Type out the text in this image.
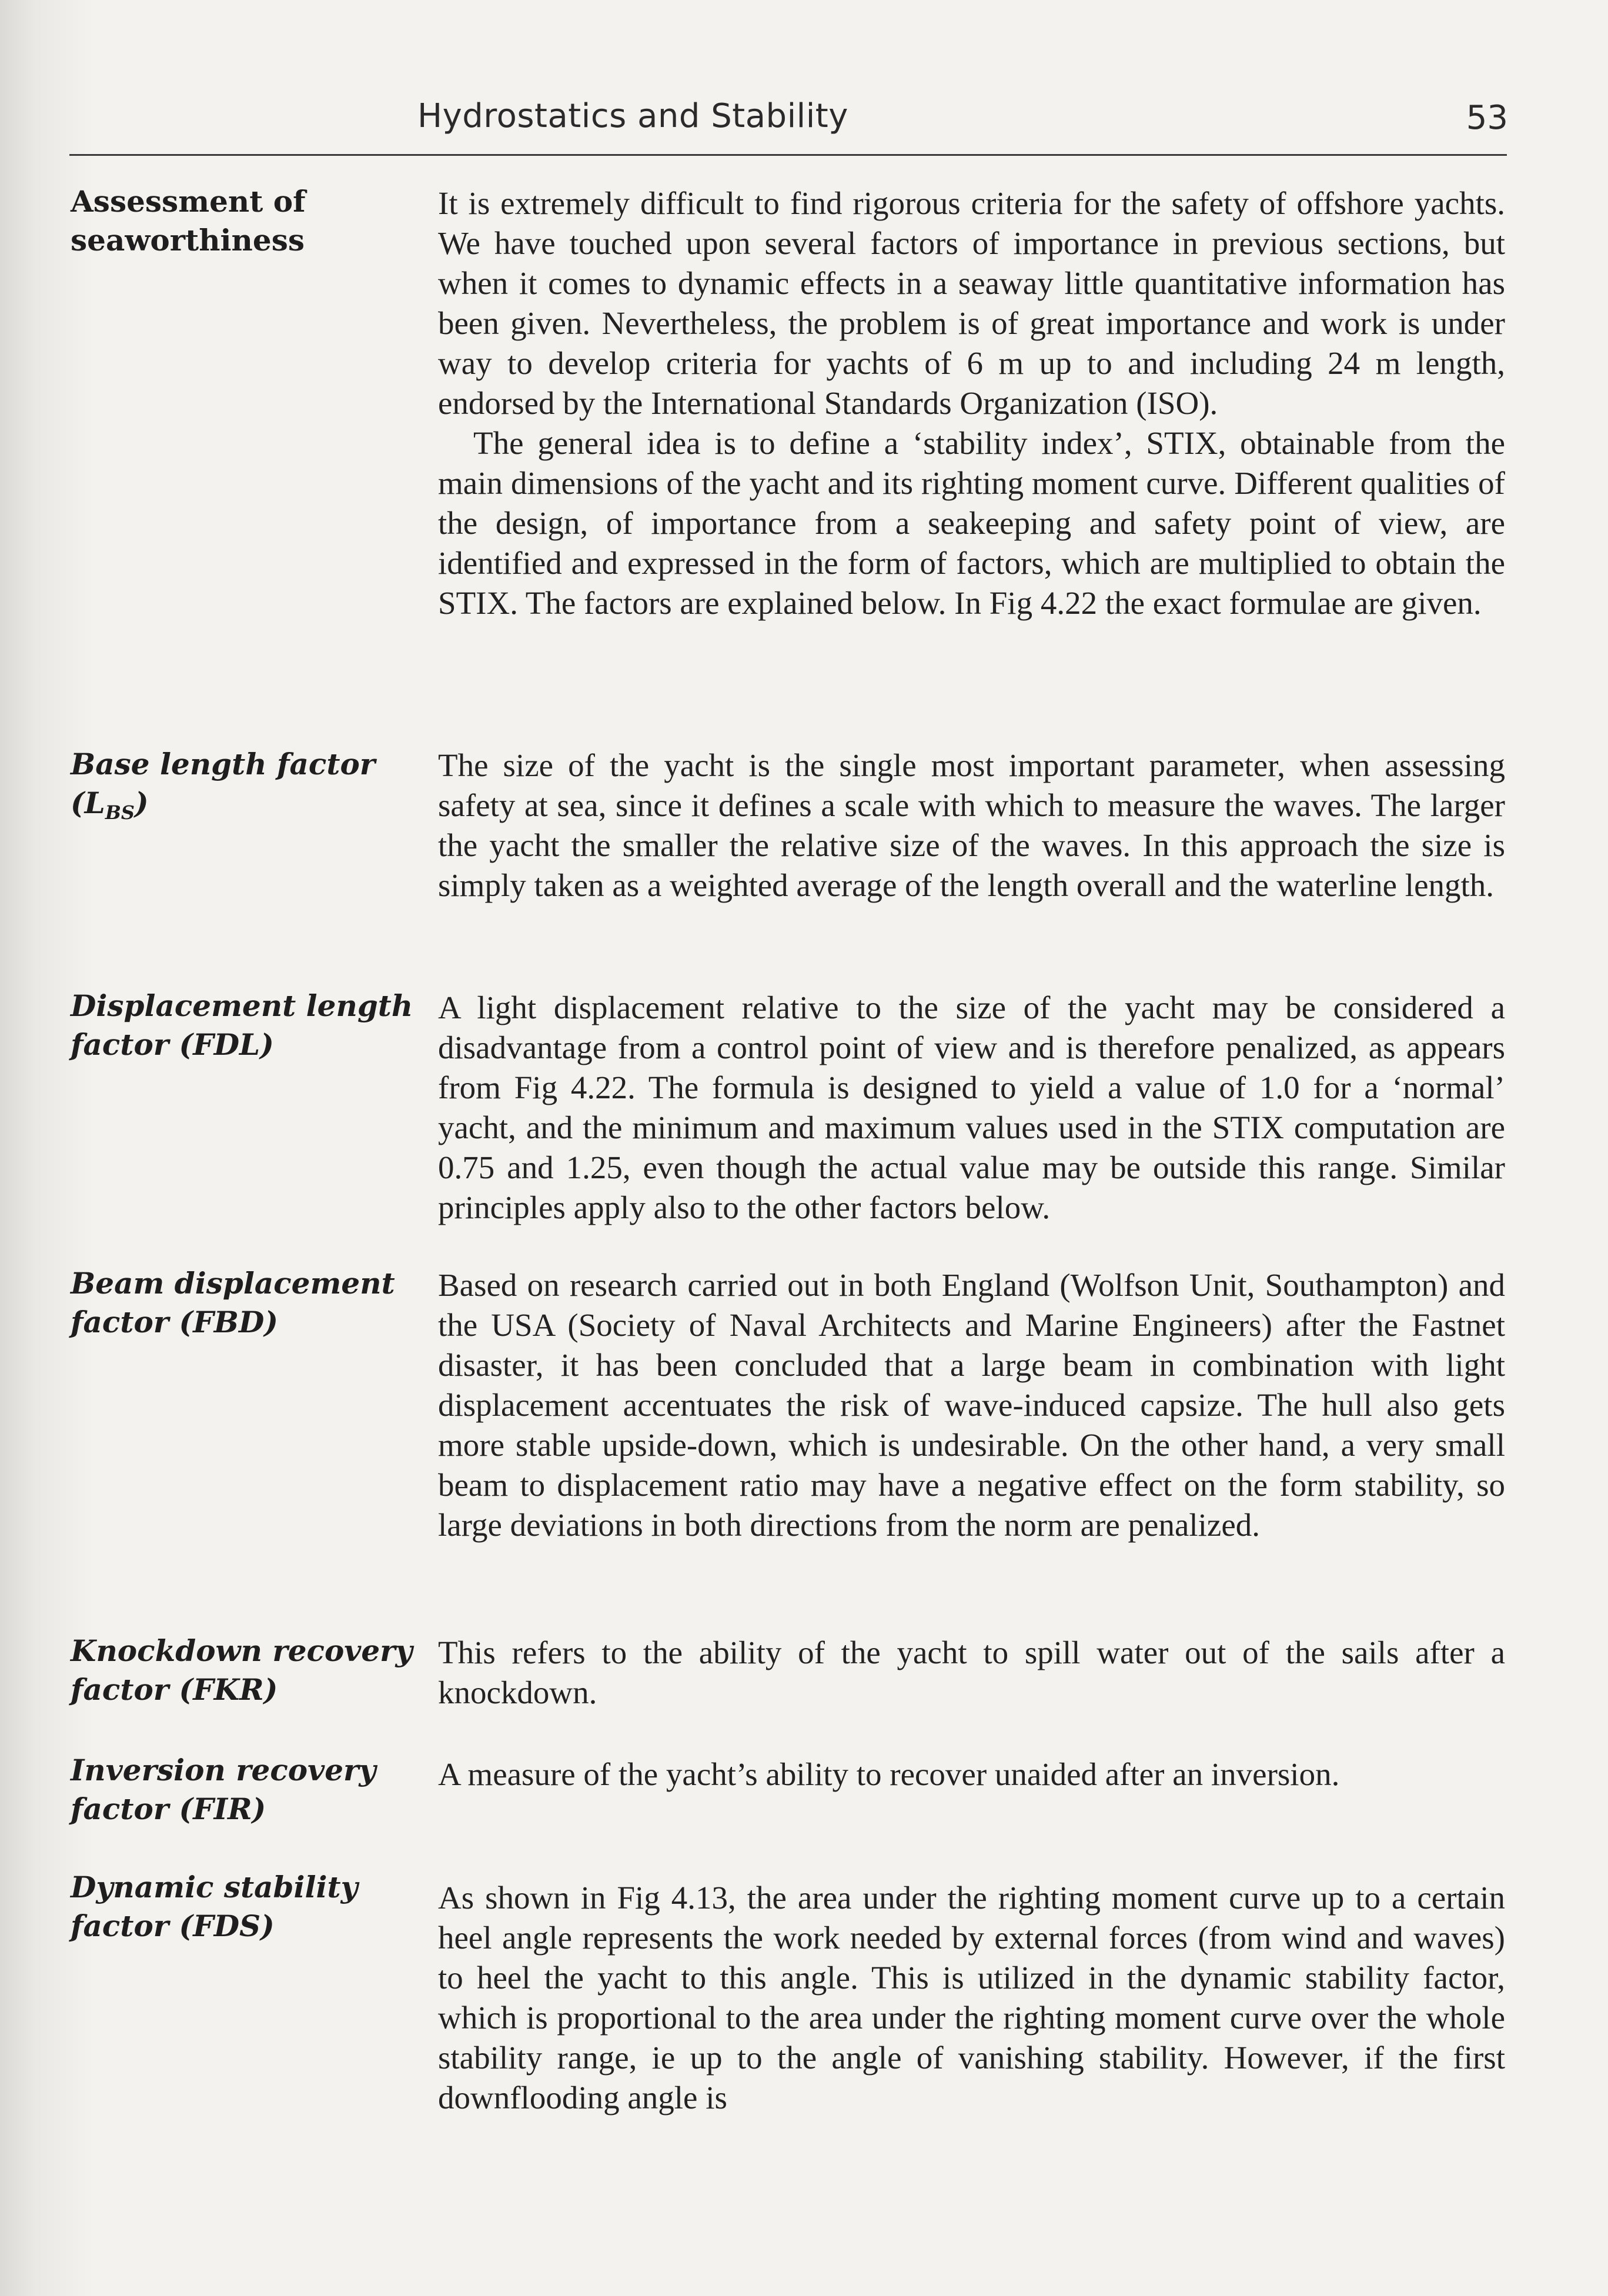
Hydrostatics and Stability	53
Assessment of
seaworthiness

It is extremely difficult to find rigorous criteria for the safety of offshore yachts. We have touched upon several factors of importance in previous sections, but when it comes to dynamic effects in a seaway little quantitative information has been given. Nevertheless, the problem is of great importance and work is under way to develop criteria for yachts of 6 m up to and including 24 m length, endorsed by the International Standards Organization (ISO).

The general idea is to define a ‘stability index’, STIX, obtainable from the main dimensions of the yacht and its righting moment curve. Different qualities of the design, of importance from a seakeeping and safety point of view, are identified and expressed in the form of factors, which are multiplied to obtain the STIX. The factors are explained below. In Fig 4.22 the exact formulae are given.

Base length factor
$(L_{BS})$

The size of the yacht is the single most important parameter, when assessing safety at sea, since it defines a scale with which to measure the waves. The larger the yacht the smaller the relative size of the waves. In this approach the size is simply taken as a weighted average of the length overall and the waterline length.

Displacement length
factor (FDL)

A light displacement relative to the size of the yacht may be considered a disadvantage from a control point of view and is therefore penalized, as appears from Fig 4.22. The formula is designed to yield a value of 1.0 for a ‘normal’ yacht, and the minimum and maximum values used in the STIX computation are 0.75 and 1.25, even though the actual value may be outside this range. Similar principles apply also to the other factors below.

Beam displacement
factor (FBD)

Based on research carried out in both England (Wolfson Unit, Southampton) and the USA (Society of Naval Architects and Marine Engineers) after the Fastnet disaster, it has been concluded that a large beam in combination with light displacement accentuates the risk of wave-induced capsize. The hull also gets more stable upside-down, which is undesirable. On the other hand, a very small beam to displacement ratio may have a negative effect on the form stability, so large deviations in both directions from the norm are penalized.

Knockdown recovery
factor (FKR)

This refers to the ability of the yacht to spill water out of the sails after a knockdown.

Inversion recovery
factor (FIR)

A measure of the yacht’s ability to recover unaided after an inversion.

Dynamic stability
factor (FDS)

As shown in Fig 4.13, the area under the righting moment curve up to a certain heel angle represents the work needed by external forces (from wind and waves) to heel the yacht to this angle. This is utilized in the dynamic stability factor, which is proportional to the area under the righting moment curve over the whole stability range, ie up to the angle of vanishing stability. However, if the first downflooding angle is
